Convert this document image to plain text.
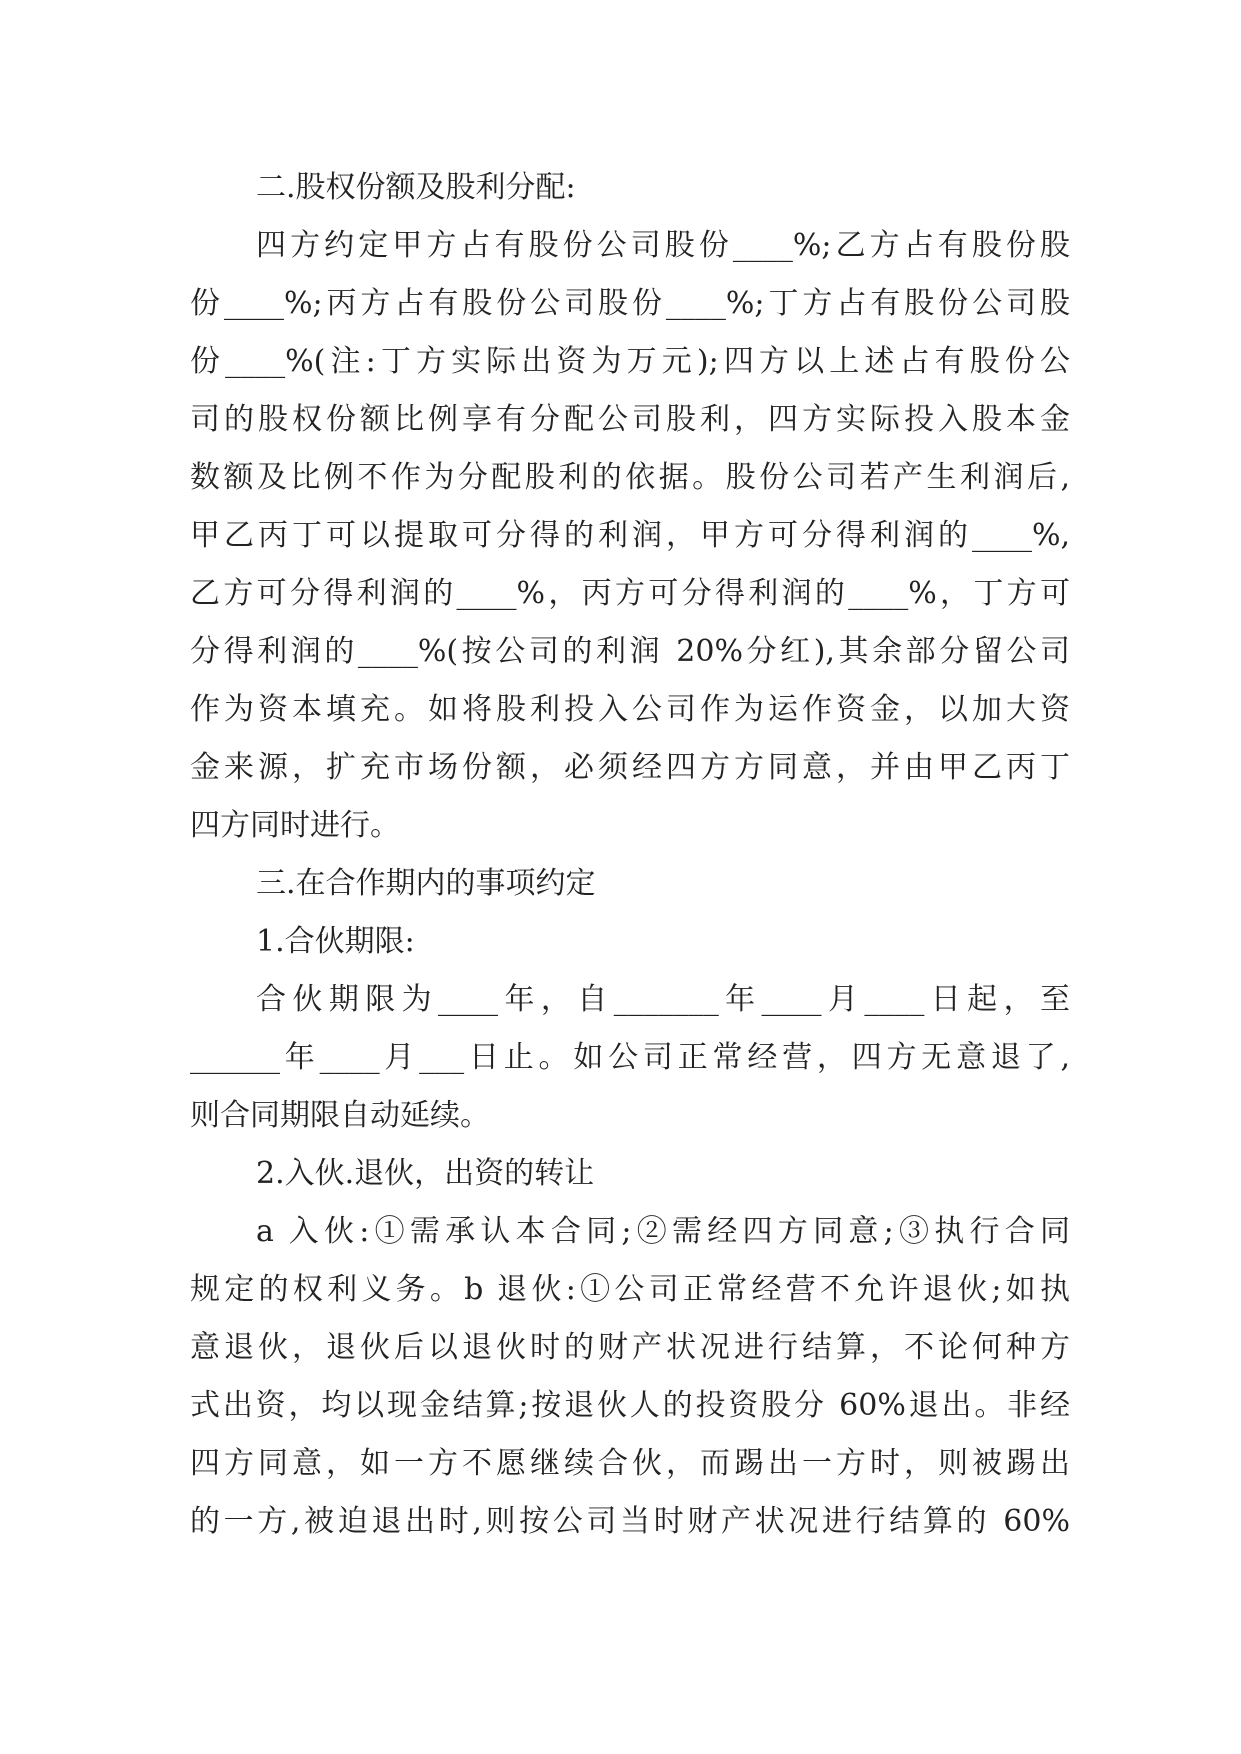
二.股权份额及股利分配:

四方约定甲方占有股份公司股份____%;乙方占有股份股

份____%;丙方占有股份公司股份____%;丁方占有股份公司股

份____%(注:丁方实际出资为万元);四方以上述占有股份公

司的股权份额比例享有分配公司股利，四方实际投入股本金

数额及比例不作为分配股利的依据。股份公司若产生利润后,

甲乙丙丁可以提取可分得的利润，甲方可分得利润的____%,

乙方可分得利润的____%，丙方可分得利润的____%，丁方可

分得利润的____%(按公司的利润 20%分红),其余部分留公司

作为资本填充。如将股利投入公司作为运作资金，以加大资

金来源，扩充市场份额，必须经四方方同意，并由甲乙丙丁

四方同时进行。

三.在合作期内的事项约定

1.合伙期限:

合伙期限为____年，自_______年____月____日起，至

______年____月___日止。如公司正常经营，四方无意退了,

则合同期限自动延续。

2.入伙.退伙，出资的转让

a 入伙:①需承认本合同;②需经四方同意;③执行合同

规定的权利义务。b 退伙:①公司正常经营不允许退伙;如执

意退伙，退伙后以退伙时的财产状况进行结算，不论何种方

式出资，均以现金结算;按退伙人的投资股分 60%退出。非经

四方同意，如一方不愿继续合伙，而踢出一方时，则被踢出

的一方,被迫退出时,则按公司当时财产状况进行结算的 60%
